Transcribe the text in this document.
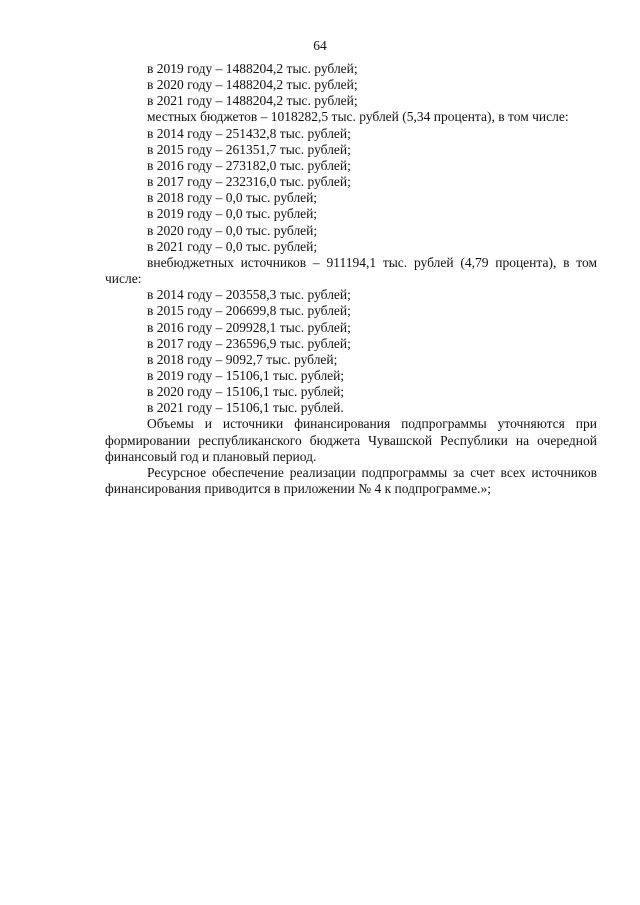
64

в 2019 году – 1488204,2 тыс. рублей;

в 2020 году – 1488204,2 тыс. рублей;

в 2021 году – 1488204,2 тыс. рублей;

местных бюджетов – 1018282,5 тыс. рублей (5,34 процента), в том числе:

в 2014 году – 251432,8 тыс. рублей;

в 2015 году – 261351,7 тыс. рублей;

в 2016 году – 273182,0 тыс. рублей;

в 2017 году – 232316,0 тыс. рублей;

в 2018 году – 0,0 тыс. рублей;

в 2019 году – 0,0 тыс. рублей;

в 2020 году – 0,0 тыс. рублей;

в 2021 году – 0,0 тыс. рублей;

внебюджетных источников – 911194,1 тыс. рублей (4,79 процента), в том числе:

в 2014 году – 203558,3 тыс. рублей;

в 2015 году – 206699,8 тыс. рублей;

в 2016 году – 209928,1 тыс. рублей;

в 2017 году – 236596,9 тыс. рублей;

в 2018 году – 9092,7 тыс. рублей;

в 2019 году – 15106,1 тыс. рублей;

в 2020 году – 15106,1 тыс. рублей;

в 2021 году – 15106,1 тыс. рублей.

Объемы и источники финансирования подпрограммы уточняются при формировании республиканского бюджета Чувашской Республики на очередной финансовый год и плановый период.

Ресурсное обеспечение реализации подпрограммы за счет всех источников финансирования приводится в приложении № 4 к подпрограмме.»;
